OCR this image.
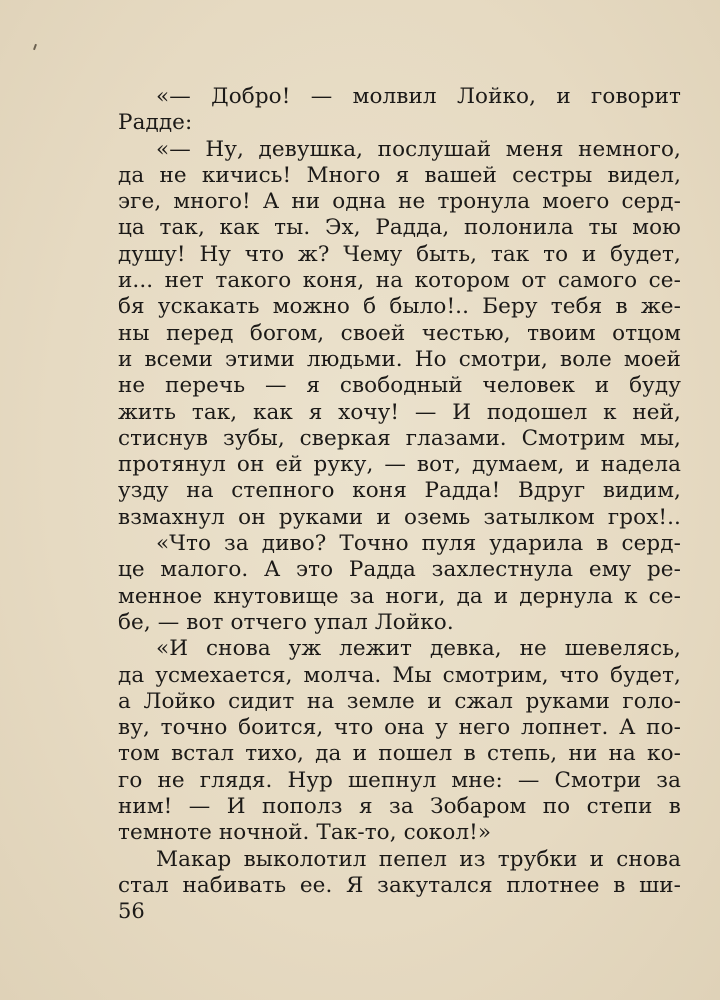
«— Добро! — молвил Лойко, и говорит
Радде:
«— Ну, девушка, послушай меня немного,
да не кичись! Много я вашей сестры видел,
эге, много! А ни одна не тронула моего серд-
ца так, как ты. Эх, Радда, полонила ты мою
душу! Ну что ж? Чему быть, так то и будет,
и... нет такого коня, на котором от самого се-
бя ускакать можно б было!.. Беру тебя в же-
ны перед богом, своей честью, твоим отцом
и всеми этими людьми. Но смотри, воле моей
не перечь — я свободный человек и буду
жить так, как я хочу! — И подошел к ней,
стиснув зубы, сверкая глазами. Смотрим мы,
протянул он ей руку, — вот, думаем, и надела
узду на степного коня Радда! Вдруг видим,
взмахнул он руками и оземь затылком грох!..
«Что за диво? Точно пуля ударила в серд-
це малого. А это Радда захлестнула ему ре-
менное кнутовище за ноги, да и дернула к се-
бе, — вот отчего упал Лойко.
«И снова уж лежит девка, не шевелясь,
да усмехается, молча. Мы смотрим, что будет,
а Лойко сидит на земле и сжал руками голо-
ву, точно боится, что она у него лопнет. А по-
том встал тихо, да и пошел в степь, ни на ко-
го не глядя. Нур шепнул мне: — Смотри за
ним! — И пополз я за Зобаром по степи в
темноте ночной. Так-то, сокол!»
Макар выколотил пепел из трубки и снова
стал набивать ее. Я закутался плотнее в ши-
56
